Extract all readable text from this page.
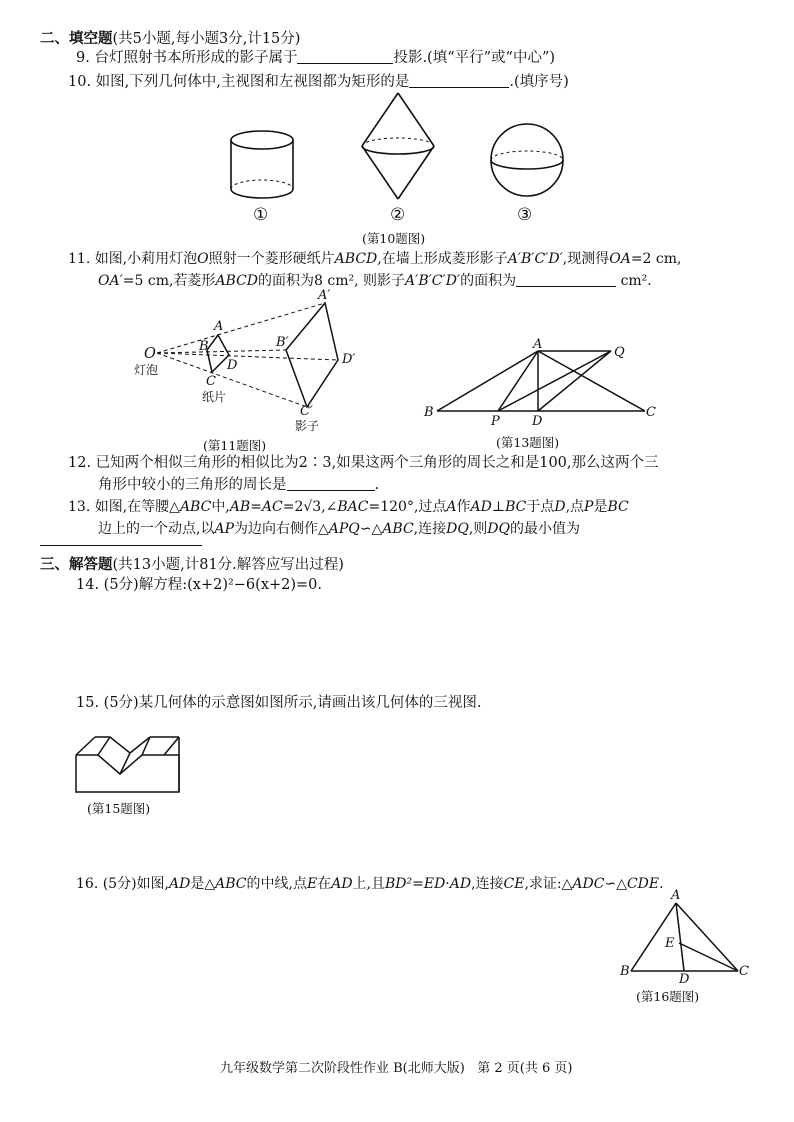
二、填空题(共5小题,每小题3分,计15分)
9. 台灯照射书本所形成的影子属于	投影.(填“平行”或“中心”)
10. 如图,下列几何体中,主视图和左视图都为矩形的是	.(填序号)
①	②	③
(第10题图)
11. 如图,小莉用灯泡O照射一个菱形硬纸片ABCD,在墙上形成菱形影子A′B′C′D′,现测得OA=2 cm,
OA′=5 cm,若菱形ABCD的面积为8 cm², 则影子A′B′C′D′的面积为	cm².
O
灯泡
A
B
C
D
纸片
A′
B′
D′
C′
影子
(第11题图)
A
Q
B
P D
C
(第13题图)
12. 已知两个相似三角形的相似比为2∶3,如果这两个三角形的周长之和是100,那么这两个三
角形中较小的三角形的周长是	.
13. 如图,在等腰△ABC中,AB=AC=2√3,∠BAC=120°,过点A作AD⊥BC于点D,点P是BC
边上的一个动点,以AP为边向右侧作△APQ∽△ABC,连接DQ,则DQ的最小值为
三、解答题(共13小题,计81分.解答应写出过程)
14. (5分)解方程:(x+2)²−6(x+2)=0.
15. (5分)某几何体的示意图如图所示,请画出该几何体的三视图.
(第15题图)
16. (5分)如图,AD是△ABC的中线,点E在AD上,且BD²=ED·AD,连接CE,求证:△ADC∽△CDE.
A
E
B
D
C
(第16题图)
九年级数学第二次阶段性作业 B(北师大版)   第 2 页(共 6 页)
